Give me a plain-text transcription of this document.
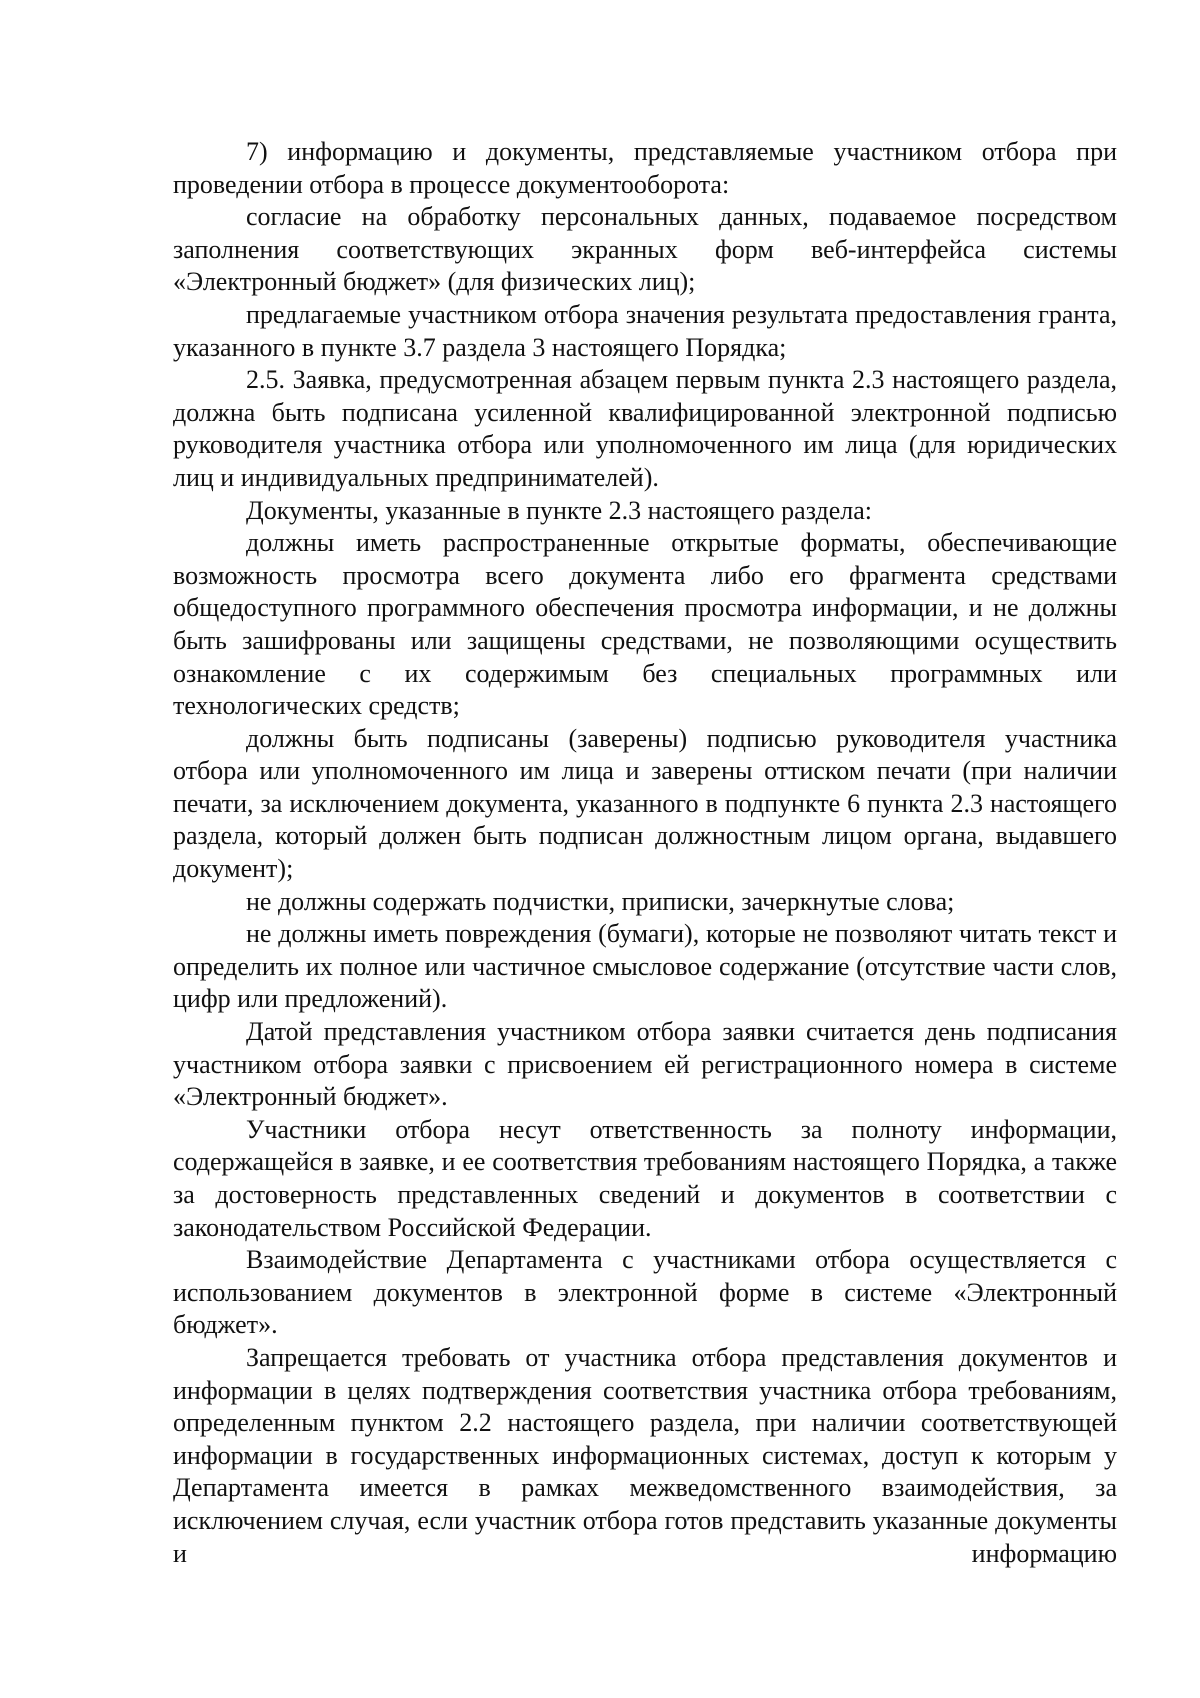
7) информацию и документы, представляемые участником отбора при проведении отбора в процессе документооборота:

согласие на обработку персональных данных, подаваемое посредством заполнения соответствующих экранных форм веб-интерфейса системы «Электронный бюджет» (для физических лиц);

предлагаемые участником отбора значения результата предоставления гранта, указанного в пункте 3.7 раздела 3 настоящего Порядка;

2.5. Заявка, предусмотренная абзацем первым пункта 2.3 настоящего раздела, должна быть подписана усиленной квалифицированной электронной подписью руководителя участника отбора или уполномоченного им лица (для юридических лиц и индивидуальных предпринимателей).

Документы, указанные в пункте 2.3 настоящего раздела:

должны иметь распространенные открытые форматы, обеспечивающие возможность просмотра всего документа либо его фрагмента средствами общедоступного программного обеспечения просмотра информации, и не должны быть зашифрованы или защищены средствами, не позволяющими осуществить ознакомление с их содержимым без специальных программных или технологических средств;

должны быть подписаны (заверены) подписью руководителя участника отбора или уполномоченного им лица и заверены оттиском печати (при наличии печати, за исключением документа, указанного в подпункте 6 пункта 2.3 настоящего раздела, который должен быть подписан должностным лицом органа, выдавшего документ);

не должны содержать подчистки, приписки, зачеркнутые слова;

не должны иметь повреждения (бумаги), которые не позволяют читать текст и определить их полное или частичное смысловое содержание (отсутствие части слов, цифр или предложений).

Датой представления участником отбора заявки считается день подписания участником отбора заявки с присвоением ей регистрационного номера в системе «Электронный бюджет».

Участники отбора несут ответственность за полноту информации, содержащейся в заявке, и ее соответствия требованиям настоящего Порядка, а также за достоверность представленных сведений и документов в соответствии с законодательством Российской Федерации.

Взаимодействие Департамента с участниками отбора осуществляется с использованием документов в электронной форме в системе «Электронный бюджет».

Запрещается требовать от участника отбора представления документов и информации в целях подтверждения соответствия участника отбора требованиям, определенным пунктом 2.2 настоящего раздела, при наличии соответствующей информации в государственных информационных системах, доступ к которым у Департамента имеется в рамках межведомственного взаимодействия, за исключением случая, если участник отбора готов представить указанные документы и информацию
